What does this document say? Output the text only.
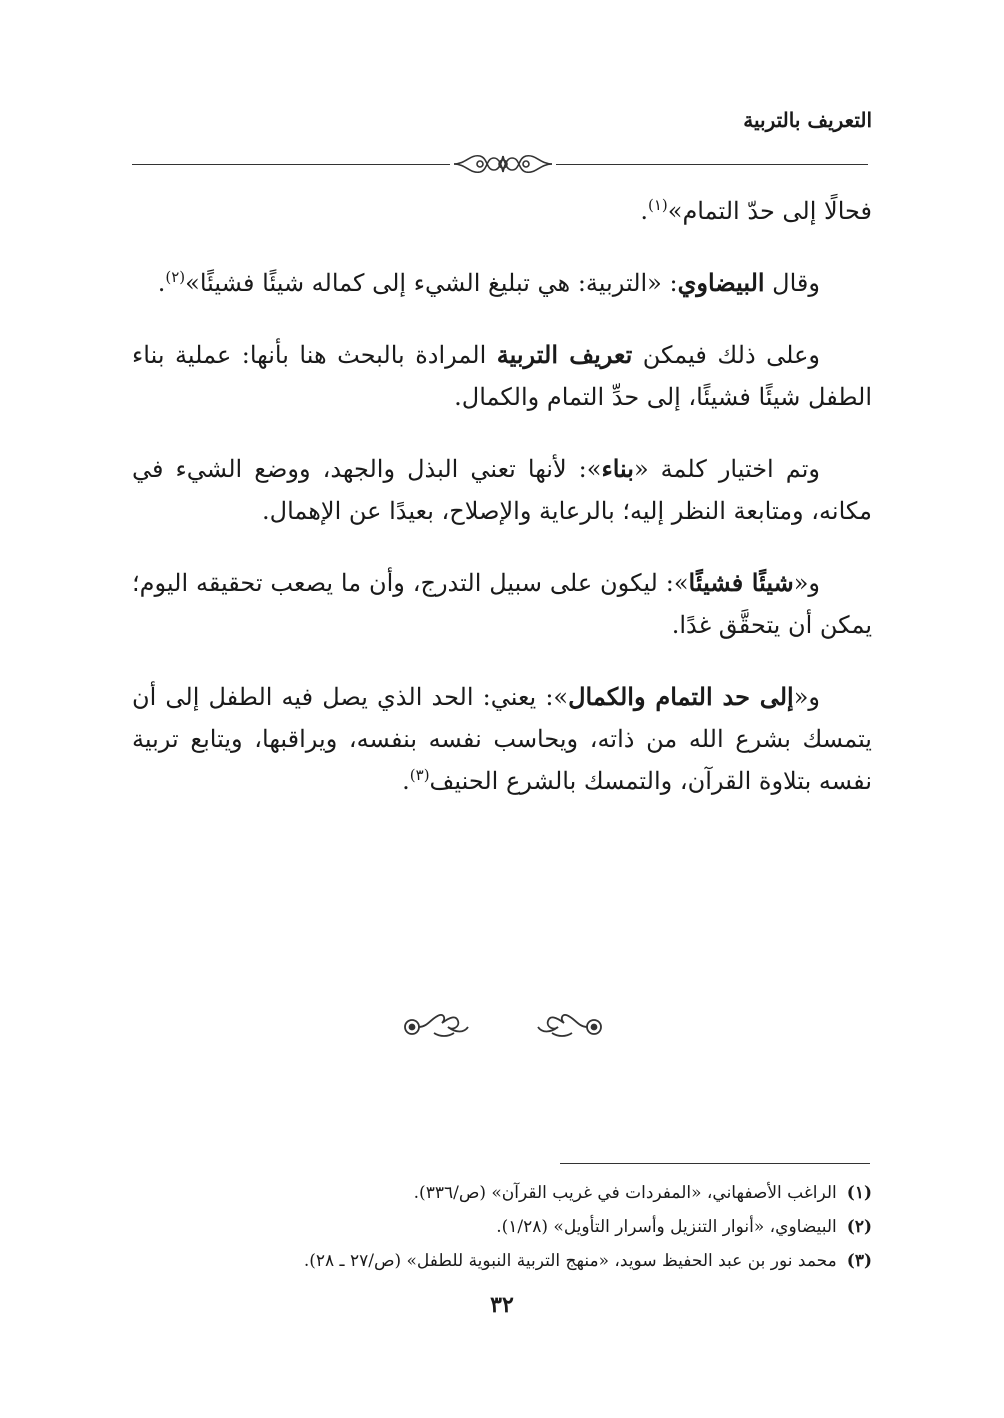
التعريف بالتربية

فحالًا إلى حدّ التمام»$^{(١)}$.

وقال البيضاوي: «التربية: هي تبليغ الشيء إلى كماله شيئًا فشيئًا»$^{(٢)}$.

وعلى ذلك فيمكن تعريف التربية المرادة بالبحث هنا بأنها: عملية بناء الطفل شيئًا فشيئًا، إلى حدِّ التمام والكمال.

وتم اختيار كلمة «بناء»: لأنها تعني البذل والجهد، ووضع الشيء في مكانه، ومتابعة النظر إليه؛ بالرعاية والإصلاح، بعيدًا عن الإهمال.

و«شيئًا فشيئًا»: ليكون على سبيل التدرج، وأن ما يصعب تحقيقه اليوم؛ يمكن أن يتحقَّق غدًا.

و«إلى حد التمام والكمال»: يعني: الحد الذي يصل فيه الطفل إلى أن يتمسك بشرع الله من ذاته، ويحاسب نفسه بنفسه، ويراقبها، ويتابع تربية نفسه بتلاوة القرآن، والتمسك بالشرع الحنيف$^{(٣)}$.

(١)الراغب الأصفهاني، «المفردات في غريب القرآن» (ص/٣٣٦).
(٢)البيضاوي، «أنوار التنزيل وأسرار التأويل» (١/٢٨).
(٣)محمد نور بن عبد الحفيظ سويد، «منهج التربية النبوية للطفل» (ص/٢٧ ـ ٢٨).
٣٢
